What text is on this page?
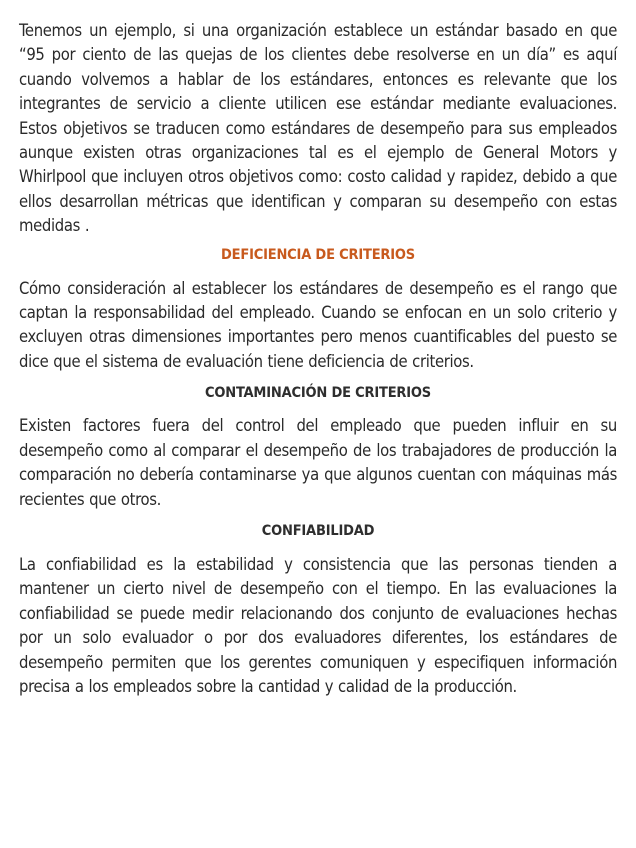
Tenemos un ejemplo, si una organización establece un estándar basado en que “95 por ciento de las quejas de los clientes debe resolverse en un día” es aquí cuando volvemos a hablar de los estándares, entonces es relevante que los integrantes de servicio a cliente utilicen ese estándar mediante evaluaciones. Estos objetivos se traducen como estándares de desempeño para sus empleados aunque existen otras organizaciones tal es el ejemplo de General Motors y Whirlpool que incluyen otros objetivos como: costo calidad y rapidez, debido a que ellos desarrollan métricas que identifican y comparan su desempeño con estas medidas .

DEFICIENCIA DE CRITERIOS

Cómo consideración al establecer los estándares de desempeño es el rango que captan la responsabilidad del empleado. Cuando se enfocan en un solo criterio y excluyen otras dimensiones importantes pero menos cuantificables del puesto se dice que el sistema de evaluación tiene deficiencia de criterios.

CONTAMINACIÓN DE CRITERIOS

Existen factores fuera del control del empleado que pueden influir en su desempeño como al comparar el desempeño de los trabajadores de producción la comparación no debería contaminarse ya que algunos cuentan con máquinas más recientes que otros.

CONFIABILIDAD

La confiabilidad es la estabilidad y consistencia que las personas tienden a mantener un cierto nivel de desempeño con el tiempo. En las evaluaciones la confiabilidad se puede medir relacionando dos conjunto de evaluaciones hechas por un solo evaluador o por dos evaluadores diferentes, los estándares de desempeño permiten que los gerentes comuniquen y especifiquen información precisa a los empleados sobre la cantidad y calidad de la producción.
